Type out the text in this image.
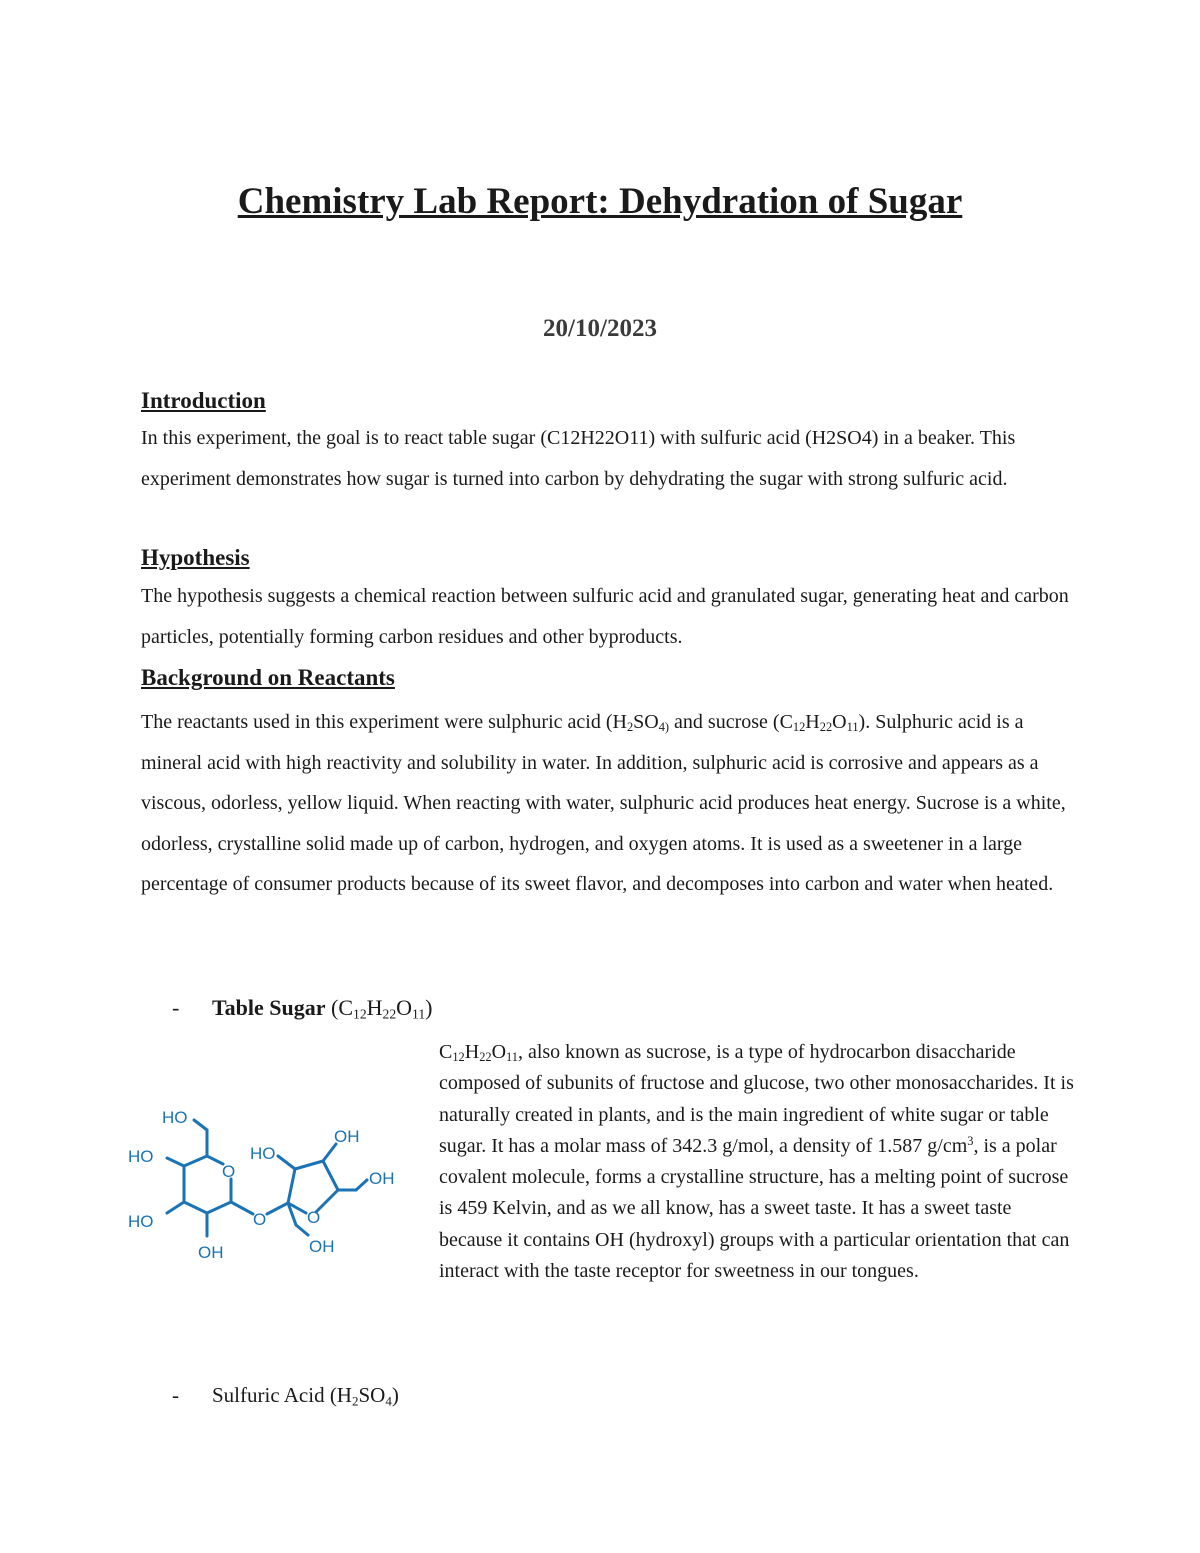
Chemistry Lab Report: Dehydration of Sugar

20/10/2023

Introduction

In this experiment, the goal is to react table sugar (C12H22O11) with sulfuric acid (H2SO4) in a beaker. This experiment demonstrates how sugar is turned into carbon by dehydrating the sugar with strong sulfuric acid.

Hypothesis

The hypothesis suggests a chemical reaction between sulfuric acid and granulated sugar, generating heat and carbon particles, potentially forming carbon residues and other byproducts.

Background on Reactants

The reactants used in this experiment were sulphuric acid ($H_2SO_{4)}$ and sucrose $(C_{12}H_{22}O_{11})$. Sulphuric acid is a mineral acid with high reactivity and solubility in water. In addition, sulphuric acid is corrosive and appears as a viscous, odorless, yellow liquid. When reacting with water, sulphuric acid produces heat energy. Sucrose is a white, odorless, crystalline solid made up of carbon, hydrogen, and oxygen atoms. It is used as a sweetener in a large percentage of consumer products because of its sweet flavor, and decomposes into carbon and water when heated.

- Table Sugar $(C_{12}H_{22}O_{11})$

HO
HO
HO
OH
O
O
HO
OH
OH
O
OH

$C_{12}H_{22}O_{11}$, also known as sucrose, is a type of hydrocarbon disaccharide composed of subunits of fructose and glucose, two other monosaccharides. It is naturally created in plants, and is the main ingredient of white sugar or table sugar. It has a molar mass of 342.3 g/mol, a density of 1.587 $g/cm^3$, is a polar covalent molecule, forms a crystalline structure, has a melting point of sucrose is 459 Kelvin, and as we all know, has a sweet taste. It has a sweet taste because it contains OH (hydroxyl) groups with a particular orientation that can interact with the taste receptor for sweetness in our tongues.

- Sulfuric Acid $(H_2SO_4)$
